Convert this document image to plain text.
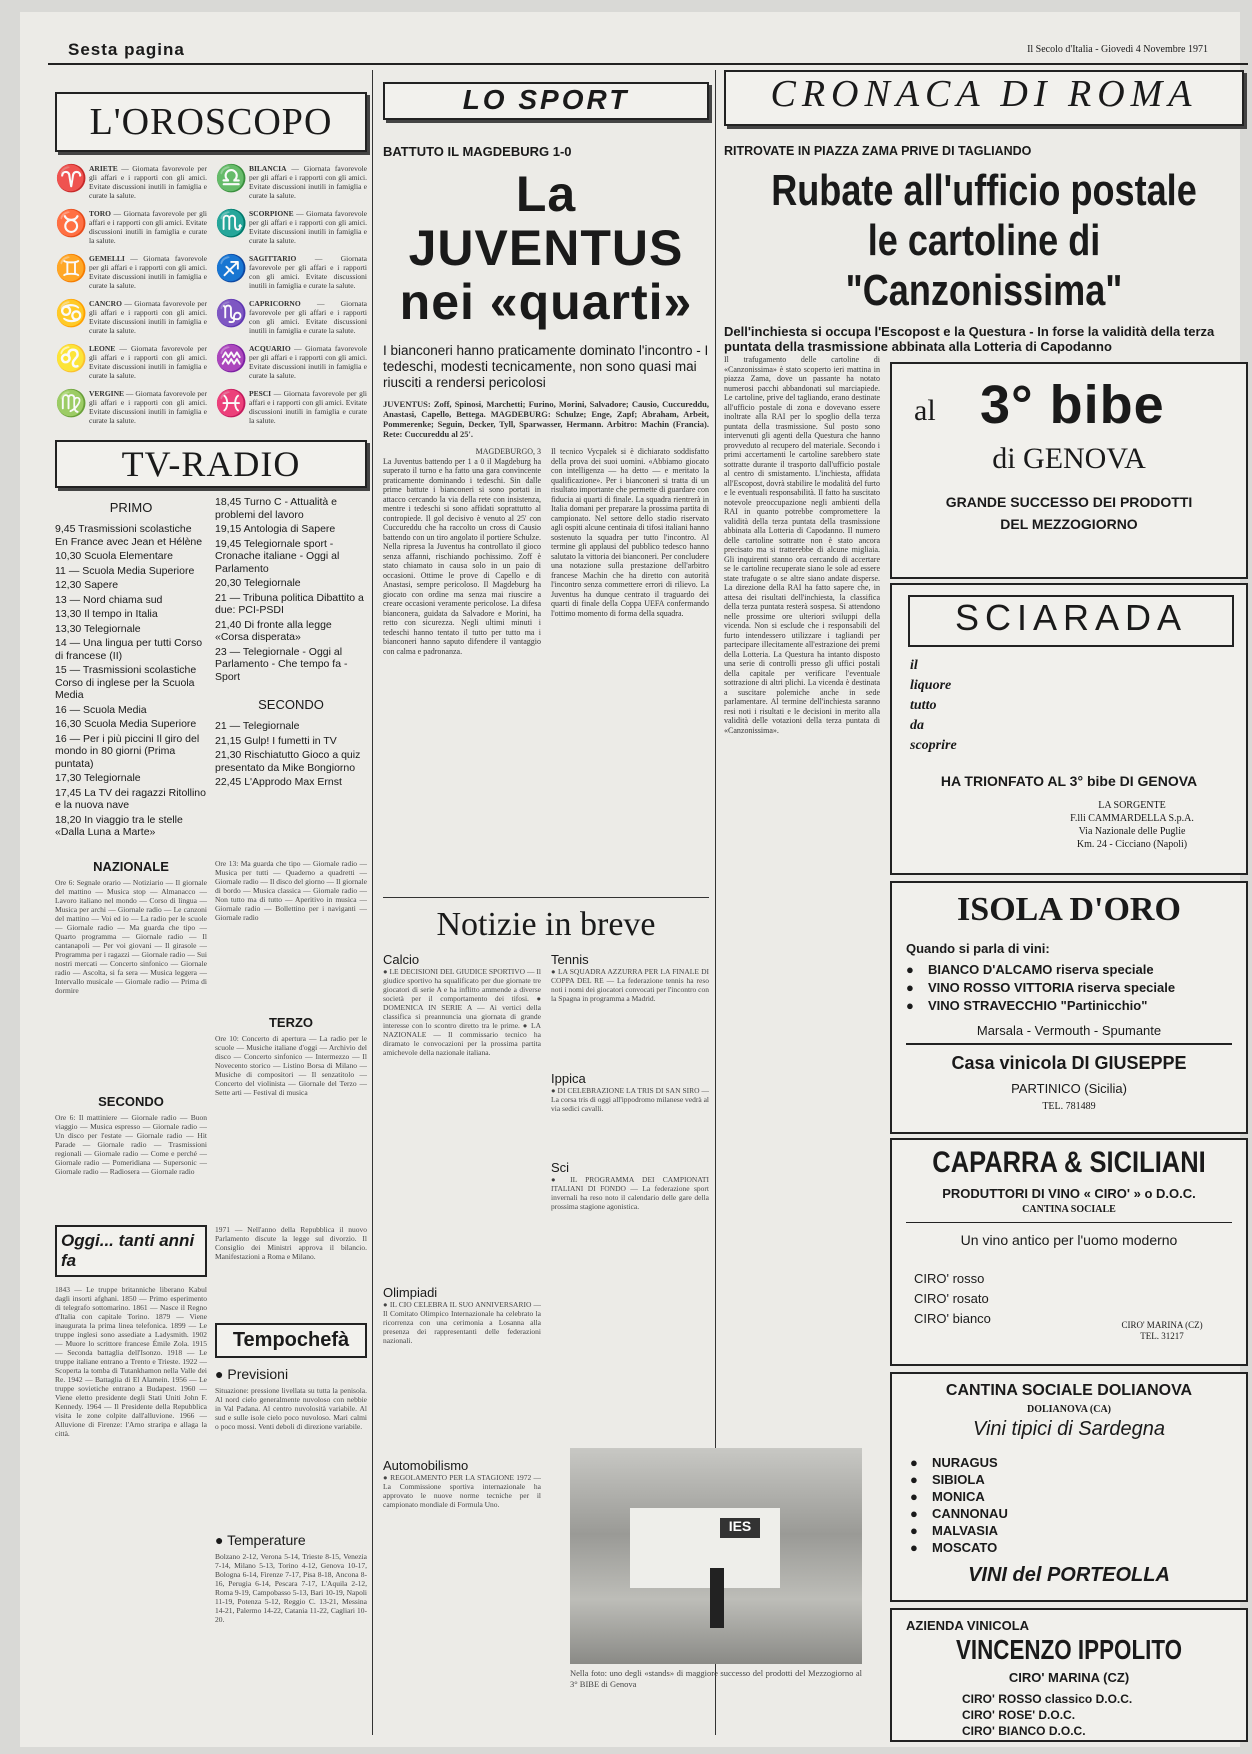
Sesta pagina	Il Secolo d'Italia - Giovedì 4 Novembre 1971
L'OROSCOPO
♈ ARIETE — Giornata favorevole per gli affari e i rapporti con gli amici. Evitate discussioni inutili in famiglia e curate la salute.
♎ BILANCIA — Giornata favorevole per gli affari e i rapporti con gli amici. Evitate discussioni inutili in famiglia e curate la salute.
♉ TORO — Giornata favorevole per gli affari e i rapporti con gli amici. Evitate discussioni inutili in famiglia e curate la salute.
♏ SCORPIONE — Giornata favorevole per gli affari e i rapporti con gli amici. Evitate discussioni inutili in famiglia e curate la salute.
♊ GEMELLI — Giornata favorevole per gli affari e i rapporti con gli amici. Evitate discussioni inutili in famiglia e curate la salute.
♐ SAGITTARIO — Giornata favorevole per gli affari e i rapporti con gli amici. Evitate discussioni inutili in famiglia e curate la salute.
♋ CANCRO — Giornata favorevole per gli affari e i rapporti con gli amici. Evitate discussioni inutili in famiglia e curate la salute.
♑ CAPRICORNO — Giornata favorevole per gli affari e i rapporti con gli amici. Evitate discussioni inutili in famiglia e curate la salute.
♌ LEONE — Giornata favorevole per gli affari e i rapporti con gli amici. Evitate discussioni inutili in famiglia e curate la salute.
♒ ACQUARIO — Giornata favorevole per gli affari e i rapporti con gli amici. Evitate discussioni inutili in famiglia e curate la salute.
♍ VERGINE — Giornata favorevole per gli affari e i rapporti con gli amici. Evitate discussioni inutili in famiglia e curate la salute.
♓ PESCI — Giornata favorevole per gli affari e i rapporti con gli amici. Evitate discussioni inutili in famiglia e curate la salute.
TV-RADIO
PRIMO
9,45 Trasmissioni scolastiche En France avec Jean et Hélène
10,30 Scuola Elementare
11 — Scuola Media Superiore
12,30 Sapere
13 — Nord chiama sud
13,30 Il tempo in Italia
13,30 Telegiornale
14 — Una lingua per tutti Corso di francese (II)
15 — Trasmissioni scolastiche Corso di inglese per la Scuola Media
16 — Scuola Media
16,30 Scuola Media Superiore
16 — Per i più piccini Il giro del mondo in 80 giorni (Prima puntata)
17,30 Telegiornale
17,45 La TV dei ragazzi Ritollino e la nuova nave
18,20 In viaggio tra le stelle «Dalla Luna a Marte»
18,45 Turno C - Attualità e problemi del lavoro
19,15 Antologia di Sapere
19,45 Telegiornale sport - Cronache italiane - Oggi al Parlamento
20,30 Telegiornale
21 — Tribuna politica Dibattito a due: PCI-PSDI
21,40 Di fronte alla legge «Corsa disperata»
23 — Telegiornale - Oggi al Parlamento - Che tempo fa - Sport
SECONDO
21 — Telegiornale
21,15 Gulp! I fumetti in TV
21,30 Rischiatutto Gioco a quiz presentato da Mike Bongiorno
22,45 L'Approdo Max Ernst
NAZIONALE
Ore 6: Segnale orario — Notiziario — Il giornale del mattino — Musica stop — Almanacco — Lavoro italiano nel mondo — Corso di lingua — Musica per archi — Giornale radio — Le canzoni del mattino — Voi ed io — La radio per le scuole — Giornale radio — Ma guarda che tipo — Quarto programma — Giornale radio — Il cantanapoli — Per voi giovani — Il girasole — Programma per i ragazzi — Giornale radio — Sui nostri mercati — Concerto sinfonico — Giornale radio — Ascolta, si fa sera — Musica leggera — Intervallo musicale — Giornale radio — Prima di dormire
SECONDO
Ore 6: Il mattiniere — Giornale radio — Buon viaggio — Musica espresso — Giornale radio — Un disco per l'estate — Giornale radio — Hit Parade — Giornale radio — Trasmissioni regionali — Giornale radio — Come e perché — Giornale radio — Pomeridiana — Supersonic — Giornale radio — Radiosera — Giornale radio
Ore 13: Ma guarda che tipo — Giornale radio — Musica per tutti — Quaderno a quadretti — Giornale radio — Il disco del giorno — Il giornale di bordo — Musica classica — Giornale radio — Non tutto ma di tutto — Aperitivo in musica — Giornale radio — Bollettino per i naviganti — Giornale radio
TERZO
Ore 10: Concerto di apertura — La radio per le scuole — Musiche italiane d'oggi — Archivio del disco — Concerto sinfonico — Intermezzo — Il Novecento storico — Listino Borsa di Milano — Musiche di compositori — Il senzatitolo — Concerto del violinista — Giornale del Terzo — Sette arti — Festival di musica
Oggi... tanti anni fa
1843 — Le truppe britanniche liberano Kabul dagli insorti afghani. 1850 — Primo esperimento di telegrafo sottomarino. 1861 — Nasce il Regno d'Italia con capitale Torino. 1879 — Viene inaugurata la prima linea telefonica. 1899 — Le truppe inglesi sono assediate a Ladysmith. 1902 — Muore lo scrittore francese Émile Zola. 1915 — Seconda battaglia dell'Isonzo. 1918 — Le truppe italiane entrano a Trento e Trieste. 1922 — Scoperta la tomba di Tutankhamon nella Valle dei Re. 1942 — Battaglia di El Alamein. 1956 — Le truppe sovietiche entrano a Budapest. 1960 — Viene eletto presidente degli Stati Uniti John F. Kennedy. 1964 — Il Presidente della Repubblica visita le zone colpite dall'alluvione. 1966 — Alluvione di Firenze: l'Arno straripa e allaga la città.
1971 — Nell'anno della Repubblica il nuovo Parlamento discute la legge sul divorzio. Il Consiglio dei Ministri approva il bilancio. Manifestazioni a Roma e Milano.
Tempochefà
● Previsioni
Situazione: pressione livellata su tutta la penisola. Al nord cielo generalmente nuvoloso con nebbie in Val Padana. Al centro nuvolosità variabile. Al sud e sulle isole cielo poco nuvoloso. Mari calmi o poco mossi. Venti deboli di direzione variabile.
● Temperature
Bolzano 2-12, Verona 5-14, Trieste 8-15, Venezia 7-14, Milano 5-13, Torino 4-12, Genova 10-17, Bologna 6-14, Firenze 7-17, Pisa 8-18, Ancona 8-16, Perugia 6-14, Pescara 7-17, L'Aquila 2-12, Roma 9-19, Campobasso 5-13, Bari 10-19, Napoli 11-19, Potenza 5-12, Reggio C. 13-21, Messina 14-21, Palermo 14-22, Catania 11-22, Cagliari 10-20.
LO SPORT
BATTUTO IL MAGDEBURG 1-0
La JUVENTUS
nei «quarti»
I bianconeri hanno praticamente dominato l'incontro - I tedeschi, modesti tecnicamente, non sono quasi mai riusciti a rendersi pericolosi
JUVENTUS: Zoff, Spinosi, Marchetti; Furino, Morini, Salvadore; Causio, Cuccureddu, Anastasi, Capello, Bettega. MAGDEBURG: Schulze; Enge, Zapf; Abraham, Arbeit, Pommerenke; Seguin, Decker, Tyll, Sparwasser, Hermann. Arbitro: Machin (Francia). Rete: Cuccureddu al 25'.
MAGDEBURGO, 3
La Juventus battendo per 1 a 0 il Magdeburg ha superato il turno e ha fatto una gara convincente praticamente dominando i tedeschi. Sin dalle prime battute i bianconeri si sono portati in attacco cercando la via della rete con insistenza, mentre i tedeschi si sono affidati soprattutto al contropiede. Il gol decisivo è venuto al 25' con Cuccureddu che ha raccolto un cross di Causio battendo con un tiro angolato il portiere Schulze. Nella ripresa la Juventus ha controllato il gioco senza affanni, rischiando pochissimo. Zoff è stato chiamato in causa solo in un paio di occasioni. Ottime le prove di Capello e di Anastasi, sempre pericoloso. Il Magdeburg ha giocato con ordine ma senza mai riuscire a creare occasioni veramente pericolose. La difesa bianconera, guidata da Salvadore e Morini, ha retto con sicurezza. Negli ultimi minuti i tedeschi hanno tentato il tutto per tutto ma i bianconeri hanno saputo difendere il vantaggio con calma e padronanza.
Il tecnico Vycpalek si è dichiarato soddisfatto della prova dei suoi uomini. «Abbiamo giocato con intelligenza — ha detto — e meritato la qualificazione». Per i bianconeri si tratta di un risultato importante che permette di guardare con fiducia ai quarti di finale. La squadra rientrerà in Italia domani per preparare la prossima partita di campionato. Nel settore dello stadio riservato agli ospiti alcune centinaia di tifosi italiani hanno sostenuto la squadra per tutto l'incontro. Al termine gli applausi del pubblico tedesco hanno salutato la vittoria dei bianconeri. Per concludere una notazione sulla prestazione dell'arbitro francese Machin che ha diretto con autorità l'incontro senza commettere errori di rilievo. La Juventus ha dunque centrato il traguardo dei quarti di finale della Coppa UEFA confermando l'ottimo momento di forma della squadra.
Notizie in breve
Calcio
● LE DECISIONI DEL GIUDICE SPORTIVO — Il giudice sportivo ha squalificato per due giornate tre giocatori di serie A e ha inflitto ammende a diverse società per il comportamento dei tifosi. ● DOMENICA IN SERIE A — Ai vertici della classifica si preannuncia una giornata di grande interesse con lo scontro diretto tra le prime. ● LA NAZIONALE — Il commissario tecnico ha diramato le convocazioni per la prossima partita amichevole della nazionale italiana.
Olimpiadi
● IL CIO CELEBRA IL SUO ANNIVERSARIO — Il Comitato Olimpico Internazionale ha celebrato la ricorrenza con una cerimonia a Losanna alla presenza dei rappresentanti delle federazioni nazionali.
Automobilismo
● REGOLAMENTO PER LA STAGIONE 1972 — La Commissione sportiva internazionale ha approvato le nuove norme tecniche per il campionato mondiale di Formula Uno.
Tennis
● LA SQUADRA AZZURRA PER LA FINALE DI COPPA DEL RE — La federazione tennis ha reso noti i nomi dei giocatori convocati per l'incontro con la Spagna in programma a Madrid.
Ippica
● DI CELEBRAZIONE LA TRIS DI SAN SIRO — La corsa tris di oggi all'ippodromo milanese vedrà al via sedici cavalli.
Sci
● IL PROGRAMMA DEI CAMPIONATI ITALIANI DI FONDO — La federazione sport invernali ha reso noto il calendario delle gare della prossima stagione agonistica.
IES
Nella foto: uno degli «stands» di maggiore successo del prodotti del Mezzogiorno al 3° BIBE di Genova
CRONACA DI ROMA
RITROVATE IN PIAZZA ZAMA PRIVE DI TAGLIANDO
Rubate all'ufficio postale
le cartoline di "Canzonissima"
Dell'inchiesta si occupa l'Escopost e la Questura - In forse la validità della terza puntata della trasmissione abbinata alla Lotteria di Capodanno
Il trafugamento delle cartoline di «Canzonissima» è stato scoperto ieri mattina in piazza Zama, dove un passante ha notato numerosi pacchi abbandonati sul marciapiede. Le cartoline, prive del tagliando, erano destinate all'ufficio postale di zona e dovevano essere inoltrate alla RAI per lo spoglio della terza puntata della trasmissione. Sul posto sono intervenuti gli agenti della Questura che hanno provveduto al recupero del materiale. Secondo i primi accertamenti le cartoline sarebbero state sottratte durante il trasporto dall'ufficio postale al centro di smistamento. L'inchiesta, affidata all'Escopost, dovrà stabilire le modalità del furto e le eventuali responsabilità. Il fatto ha suscitato notevole preoccupazione negli ambienti della RAI in quanto potrebbe compromettere la validità della terza puntata della trasmissione abbinata alla Lotteria di Capodanno. Il numero delle cartoline sottratte non è stato ancora precisato ma si tratterebbe di alcune migliaia. Gli inquirenti stanno ora cercando di accertare se le cartoline recuperate siano le sole ad essere state trafugate o se altre siano andate disperse. La direzione della RAI ha fatto sapere che, in attesa dei risultati dell'inchiesta, la classifica della terza puntata resterà sospesa. Si attendono nelle prossime ore ulteriori sviluppi della vicenda. Non si esclude che i responsabili del furto intendessero utilizzare i tagliandi per partecipare illecitamente all'estrazione dei premi della Lotteria. La Questura ha intanto disposto una serie di controlli presso gli uffici postali della capitale per verificare l'eventuale sottrazione di altri plichi. La vicenda è destinata a suscitare polemiche anche in sede parlamentare. Al termine dell'inchiesta saranno resi noti i risultati e le decisioni in merito alla validità delle votazioni della terza puntata di «Canzonissima».
al 3° bibe
di GENOVA
GRANDE SUCCESSO DEI PRODOTTI
DEL MEZZOGIORNO
SCIARADA
il
liquore
tutto
da
scoprire
HA TRIONFATO AL 3° bibe DI GENOVA
LA SORGENTE
F.lli CAMMARDELLA S.p.A.
Via Nazionale delle Puglie
Km. 24 - Cicciano (Napoli)
ISOLA D'ORO
Quando si parla di vini:
● BIANCO D'ALCAMO riserva speciale
● VINO ROSSO VITTORIA riserva speciale
● VINO STRAVECCHIO "Partinicchio"
Marsala - Vermouth - Spumante
Casa vinicola DI GIUSEPPE
PARTINICO (Sicilia)
TEL. 781489
CAPARRA & SICILIANI
PRODUTTORI DI VINO « CIRO' » o D.O.C.
CANTINA SOCIALE
Un vino antico per l'uomo moderno
CIRO' rosso
CIRO' rosato
CIRO' bianco	CIRO' MARINA (CZ)
TEL. 31217
CANTINA SOCIALE DOLIANOVA
DOLIANOVA (CA)
Vini tipici di Sardegna
● NURAGUS
● SIBIOLA
● MONICA
● CANNONAU
● MALVASIA
● MOSCATO
VINI del PORTEOLLA
AZIENDA VINICOLA
VINCENZO IPPOLITO
CIRO' MARINA (CZ)
CIRO' ROSSO classico D.O.C.
CIRO' ROSE' D.O.C.
CIRO' BIANCO D.O.C.
